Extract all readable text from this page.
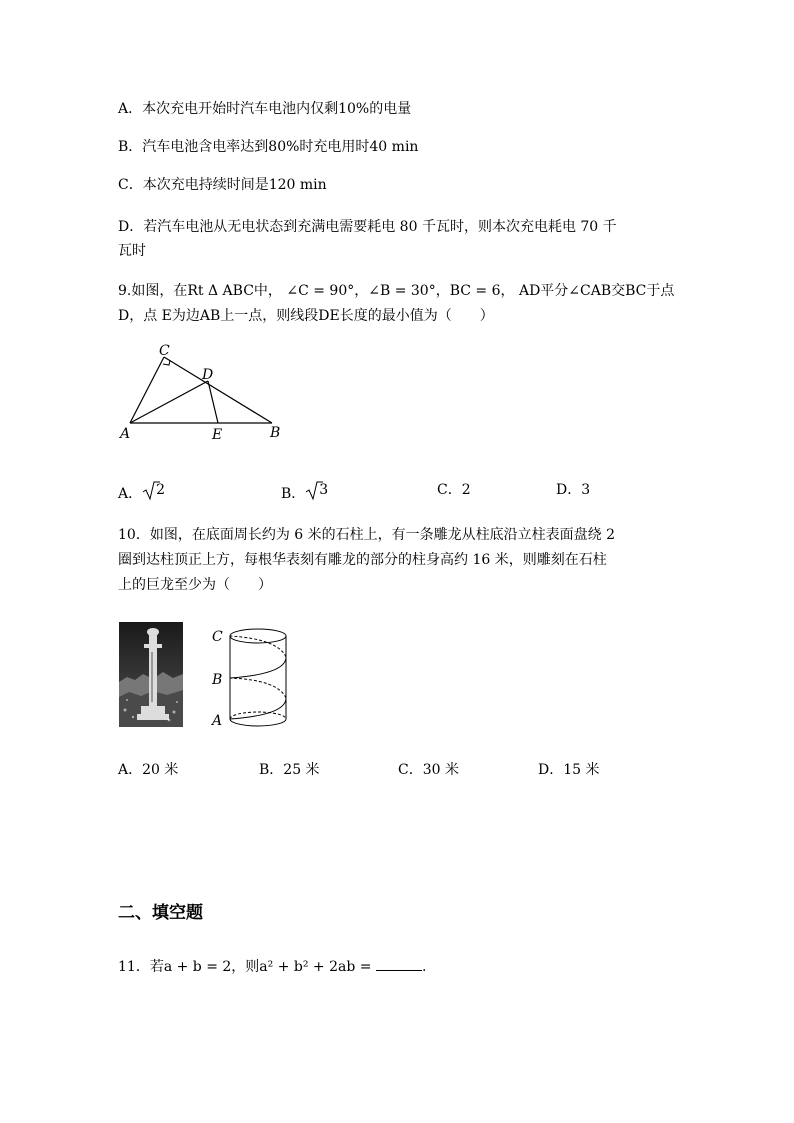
A．本次充电开始时汽车电池内仅剩10%的电量
B．汽车电池含电率达到80%时充电用时40 min
C．本次充电持续时间是120 min
D．若汽车电池从无电状态到充满电需要耗电 80 千瓦时，则本次充电耗电 70 千
瓦时
9.如图，在Rt Δ ABC中， ∠C = 90°，∠B = 30°，BC = 6， AD平分∠CAB交BC于点
D，点 E为边AB上一点，则线段DE长度的最小值为（　　）
C
D
A	E	B
A． 2	B． 3	C．2	D．3
10．如图，在底面周长约为 6 米的石柱上，有一条雕龙从柱底沿立柱表面盘绕 2
圈到达柱顶正上方，每根华表刻有雕龙的部分的柱身高约 16 米，则雕刻在石柱
上的巨龙至少为（　　）
C
B
A
A．20 米	B．25 米	C．30 米	D．15 米
二、填空题
11．若a + b = 2，则a² + b² + 2ab =	.
